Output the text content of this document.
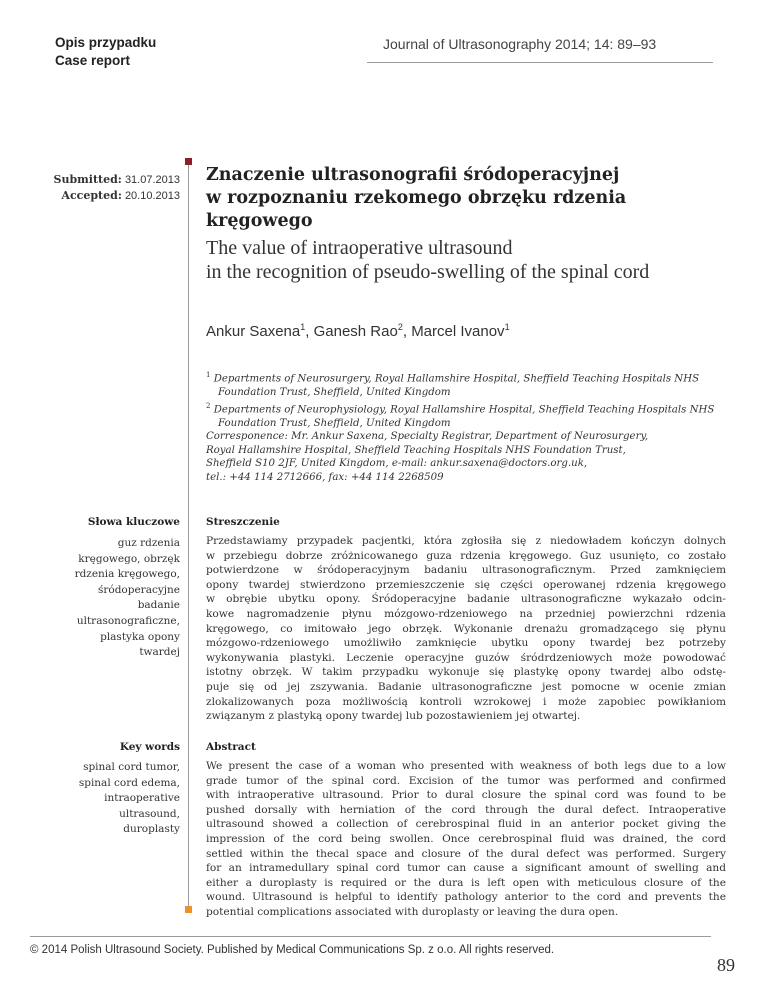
Opis przypadku
Case report
Journal of Ultrasonography 2014; 14: 89–93
Submitted: 31.07.2013
Accepted: 20.10.2013
Znaczenie ultrasonografii śródoperacyjnej
w rozpoznaniu rzekomego obrzęku rdzenia kręgowego
The value of intraoperative ultrasound
in the recognition of pseudo-swelling of the spinal cord
Ankur Saxena$^1$, Ganesh Rao$^2$, Marcel Ivanov$^1$
$^1$ Departments of Neurosurgery, Royal Hallamshire Hospital, Sheffield Teaching Hospitals NHS Foundation Trust, Sheffield, United Kingdom
$^2$ Departments of Neurophysiology, Royal Hallamshire Hospital, Sheffield Teaching Hospitals NHS Foundation Trust, Sheffield, United Kingdom
Corresponence: Mr. Ankur Saxena, Specialty Registrar, Department of Neurosurgery,
Royal Hallamshire Hospital, Sheffield Teaching Hospitals NHS Foundation Trust,
Sheffield S10 2JF, United Kingdom, e-mail: ankur.saxena@doctors.org.uk,
tel.: +44 114 2712666, fax: +44 114 2268509
Słowa kluczowe
guz rdzenia
kręgowego, obrzęk
rdzenia kręgowego,
śródoperacyjne
badanie
ultrasonograficzne,
plastyka opony
twardej
Streszczenie
Przedstawiamy przypadek pacjentki, która zgłosiła się z niedowładem kończyn dolnych
w przebiegu dobrze zróżnicowanego guza rdzenia kręgowego. Guz usunięto, co zostało
potwierdzone w śródoperacyjnym badaniu ultrasonograficznym. Przed zamknięciem
opony twardej stwierdzono przemieszczenie się części operowanej rdzenia kręgowego
w obrębie ubytku opony. Śródoperacyjne badanie ultrasonograficzne wykazało odcin-
kowe nagromadzenie płynu mózgowo-rdzeniowego na przedniej powierzchni rdzenia
kręgowego, co imitowało jego obrzęk. Wykonanie drenażu gromadzącego się płynu
mózgowo-rdzeniowego umożliwiło zamknięcie ubytku opony twardej bez potrzeby
wykonywania plastyki. Leczenie operacyjne guzów śródrdzeniowych może powodować
istotny obrzęk. W takim przypadku wykonuje się plastykę opony twardej albo odstę-
puje się od jej zszywania. Badanie ultrasonograficzne jest pomocne w ocenie zmian
zlokalizowanych poza możliwością kontroli wzrokowej i może zapobiec powikłaniom
związanym z plastyką opony twardej lub pozostawieniem jej otwartej.
Key words
spinal cord tumor,
spinal cord edema,
intraoperative
ultrasound,
duroplasty
Abstract
We present the case of a woman who presented with weakness of both legs due to a low
grade tumor of the spinal cord. Excision of the tumor was performed and confirmed
with intraoperative ultrasound. Prior to dural closure the spinal cord was found to be
pushed dorsally with herniation of the cord through the dural defect. Intraoperative
ultrasound showed a collection of cerebrospinal fluid in an anterior pocket giving the
impression of the cord being swollen. Once cerebrospinal fluid was drained, the cord
settled within the thecal space and closure of the dural defect was performed. Surgery
for an intramedullary spinal cord tumor can cause a significant amount of swelling and
either a duroplasty is required or the dura is left open with meticulous closure of the
wound. Ultrasound is helpful to identify pathology anterior to the cord and prevents the
potential complications associated with duroplasty or leaving the dura open.
© 2014 Polish Ultrasound Society. Published by Medical Communications Sp. z o.o. All rights reserved.
89
